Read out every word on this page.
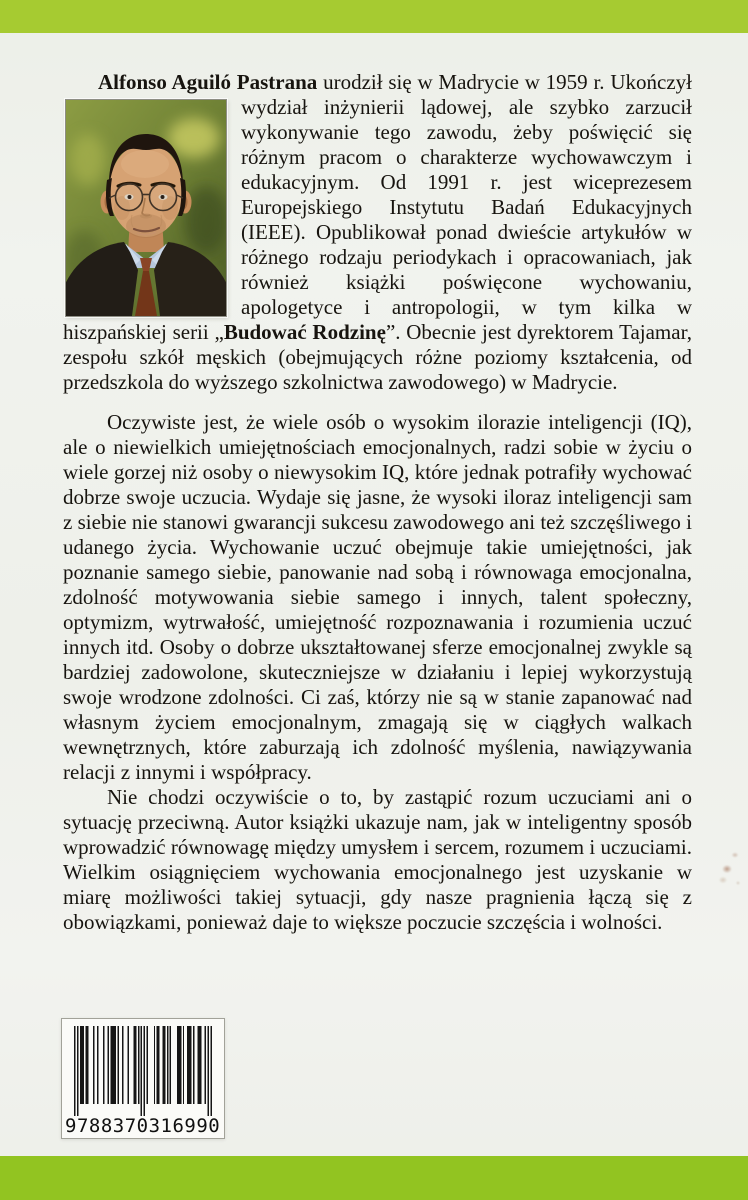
Alfonso Aguiló Pastrana urodził się w Madrycie w 1959 r. Ukończył wydział inżynierii lądowej, ale szybko zarzucił wykonywanie tego zawodu, żeby poświęcić się różnym pracom o charakterze wychowawczym i edukacyjnym. Od 1991 r. jest wiceprezesem Europejskiego Instytutu Badań Edukacyjnych (IEEE). Opublikował ponad dwieście artykułów w różnego rodzaju periodykach i opracowaniach, jak również książki poświęcone wychowaniu, apologetyce i antropologii, w tym kilka w hiszpańskiej serii „Budować Rodzinę”. Obecnie jest dyrektorem Tajamar, zespołu szkół męskich (obejmujących różne poziomy kształcenia, od przedszkola do wyższego szkolnictwa zawodowego) w Madrycie.

Oczywiste jest, że wiele osób o wysokim ilorazie inteligencji (IQ), ale o niewielkich umiejętnościach emocjonalnych, radzi sobie w życiu o wiele gorzej niż osoby o niewysokim IQ, które jednak potrafiły wychować dobrze swoje uczucia. Wydaje się jasne, że wysoki iloraz inteligencji sam z siebie nie stanowi gwarancji sukcesu zawodowego ani też szczęśliwego i udanego życia. Wychowanie uczuć obejmuje takie umiejętności, jak poznanie samego siebie, panowanie nad sobą i równowaga emocjonalna, zdolność motywowania siebie samego i innych, talent społeczny, optymizm, wytrwałość, umiejętność rozpoznawania i rozumienia uczuć innych itd. Osoby o dobrze ukształtowanej sferze emocjonalnej zwykle są bardziej zadowolone, skuteczniejsze w działaniu i lepiej wykorzystują swoje wrodzone zdolności. Ci zaś, którzy nie są w stanie zapanować nad własnym życiem emocjonalnym, zmagają się w ciągłych walkach wewnętrznych, które zaburzają ich zdolność myślenia, nawiązywania relacji z innymi i współpracy.

Nie chodzi oczywiście o to, by zastąpić rozum uczuciami ani o sytuację przeciwną. Autor książki ukazuje nam, jak w inteligentny sposób wprowadzić równowagę między umysłem i sercem, rozumem i uczuciami. Wielkim osiągnięciem wychowania emocjonalnego jest uzyskanie w miarę możliwości takiej sytuacji, gdy nasze pragnienia łączą się z obowiązkami, ponieważ daje to większe poczucie szczęścia i wolności.

9 788370 316990
